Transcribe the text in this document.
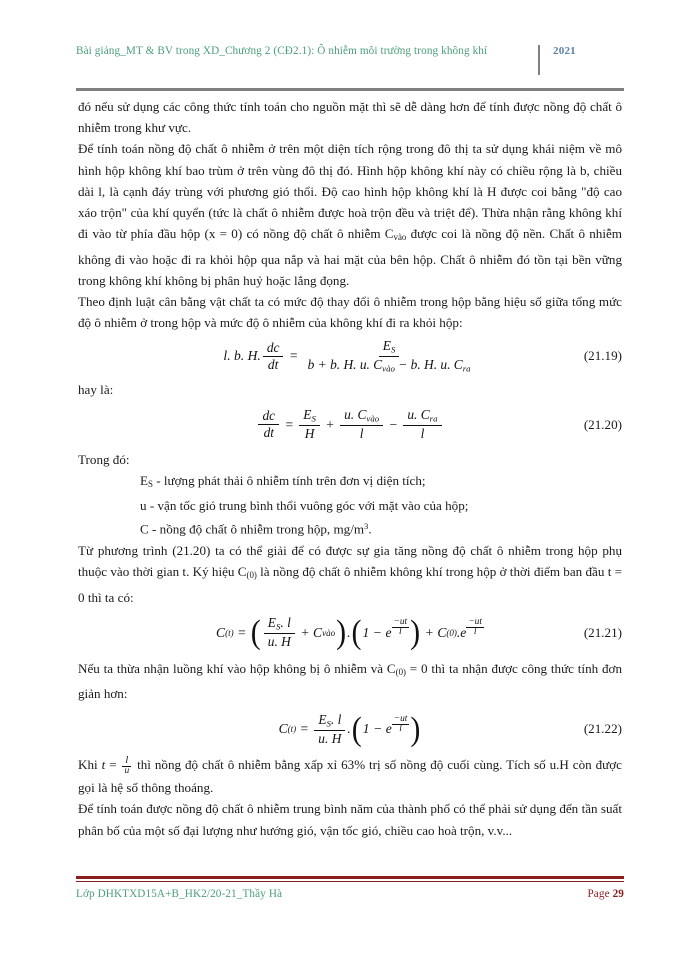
Bài giảng_MT & BV trong XD_Chương 2 (CĐ2.1): Ô nhiễm môi trường trong không khí	2021

đó nếu sử dụng các công thức tính toán cho nguồn mặt thì sẽ dễ dàng hơn để tính được nồng độ chất ô nhiễm trong khư vực.

Để tính toán nồng độ chất ô nhiễm ở trên một diện tích rộng trong đô thị ta sử dụng khái niệm về mô hình hộp không khí bao trùm ở trên vùng đô thị đó. Hình hộp không khí này có chiều rộng là b, chiều dài l, là cạnh đáy trùng với phương gió thổi. Độ cao hình hộp không khí là H được coi bằng "độ cao xáo trộn" của khí quyển (tức là chất ô nhiễm được hoà trộn đều và triệt để). Thừa nhận rằng không khí đi vào từ phía đầu hộp (x = 0) có nồng độ chất ô nhiễm $C_{vào}$ được coi là nồng độ nền. Chất ô nhiễm không đi vào hoặc đi ra khỏi hộp qua nắp và hai mặt của bên hộp. Chất ô nhiễm đó tồn tại bền vững trong không khí không bị phân huỷ hoặc lắng đọng.

Theo định luật cân bằng vật chất ta có mức độ thay đổi ô nhiễm trong hộp bằng hiệu số giữa tổng mức độ ô nhiễm ở trong hộp và mức độ ô nhiễm của không khí đi ra khỏi hộp:

l. b. H. $\frac{dc}{dt} = \frac{ES}{\text{b + b. H. u. Cvào − b. H. u. Cra}}$	(21.19)

hay là:

$\frac{dc}{dt} = \frac{ES}{H} + \frac{\text{u. Cvào}}{l} - \frac{\text{u. Cra}}{l}$	(21.20)

Trong đó:

$E_S$ - lượng phát thải ô nhiễm tính trên đơn vị diện tích;
u - vận tốc gió trung bình thổi vuông góc với mặt vào của hộp;
C - nồng độ chất ô nhiễm trong hộp, $mg/m^3$.

Từ phương trình (21.20) ta có thể giải để có được sự gia tăng nồng độ chất ô nhiễm trong hộp phụ thuộc vào thời gian t. Ký hiệu $C_{(0)}$ là nồng độ chất ô nhiễm không khí trong hộp ở thời điểm ban đầu t = 0 thì ta có:

C (t) = ( $\frac{ES. l}{u. H} + C$ vào ) . ( 1 − e $\frac{-ut}{l}$ ) + C (0) . e $\frac{-ut}{l}$	(21.21)

Nếu ta thừa nhận luồng khí vào hộp không bị ô nhiễm và $C_{(0)} = 0$ thì ta nhận được công thức tính đơn giản hơn:

C $(t) = \frac{ES. l}{u. H}$ . ( 1 − e $\frac{-ut}{l}$ )	(21.22)

Khi $t = \frac{l}{u}$ thì nồng độ chất ô nhiễm bằng xấp xỉ 63% trị số nồng độ cuối cùng. Tích số u.H còn được gọi là hệ số thông thoáng.

Để tính toán được nồng độ chất ô nhiễm trung bình năm của thành phố có thể phải sử dụng đến tần suất phân bố của một số đại lượng như hướng gió, vận tốc gió, chiều cao hoà trộn, v.v...

Lớp DHKTXD15A+B_HK2/20-21_Thầy Hà	Page 29
